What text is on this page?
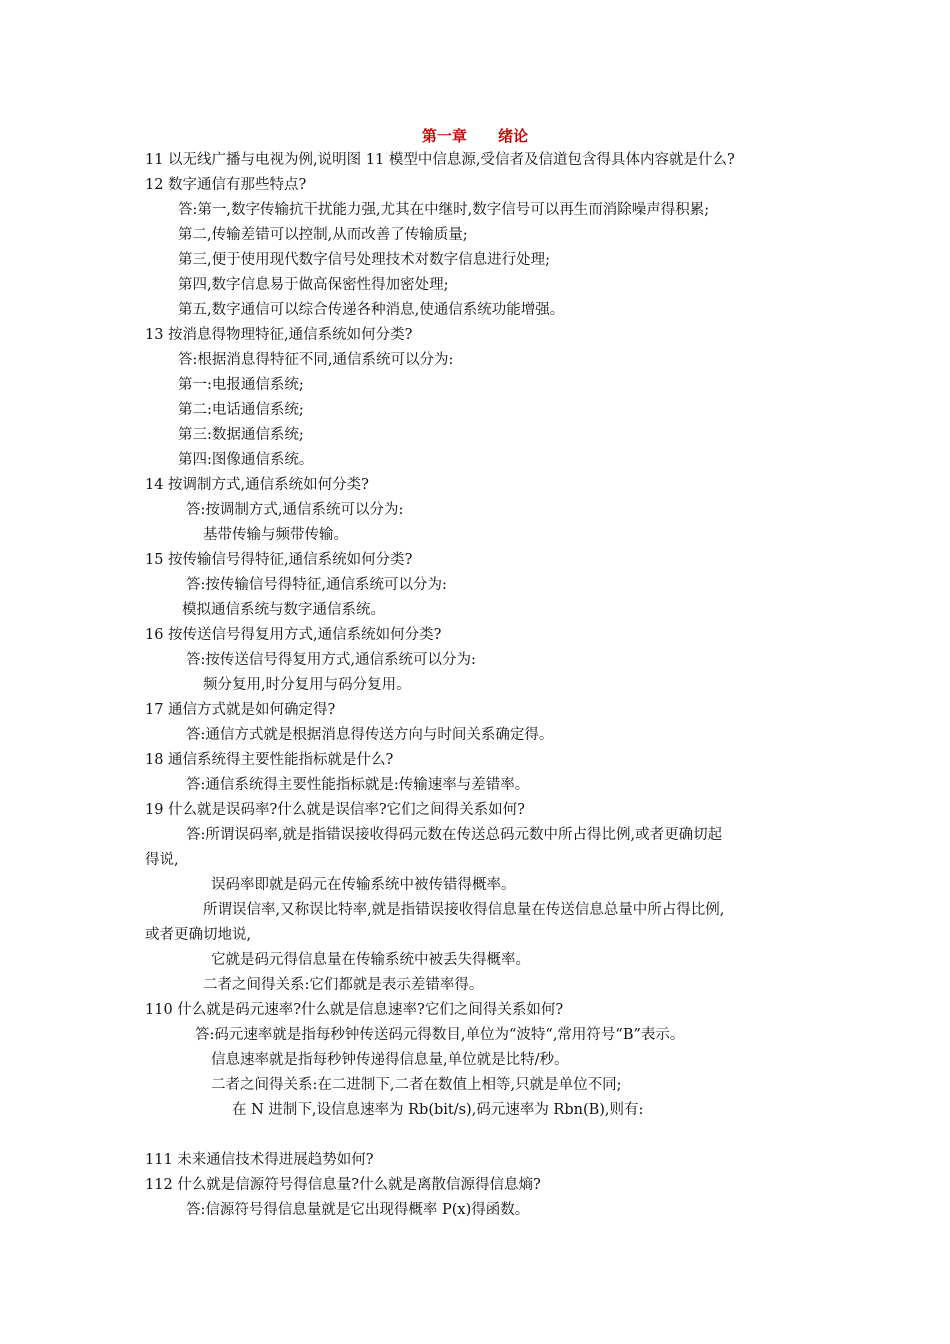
第一章      绪论
11 以无线广播与电视为例,说明图 11 模型中信息源,受信者及信道包含得具体内容就是什么?
12 数字通信有那些特点?
答:第一,数字传输抗干扰能力强,尤其在中继时,数字信号可以再生而消除噪声得积累;
第二,传输差错可以控制,从而改善了传输质量;
第三,便于使用现代数字信号处理技术对数字信息进行处理;
第四,数字信息易于做高保密性得加密处理;
第五,数字通信可以综合传递各种消息,使通信系统功能增强。
13 按消息得物理特征,通信系统如何分类?
答:根据消息得特征不同,通信系统可以分为:
第一:电报通信系统;
第二:电话通信系统;
第三:数据通信系统;
第四:图像通信系统。
14 按调制方式,通信系统如何分类?
答:按调制方式,通信系统可以分为:
基带传输与频带传输。
15 按传输信号得特征,通信系统如何分类?
答:按传输信号得特征,通信系统可以分为:
模拟通信系统与数字通信系统。
16 按传送信号得复用方式,通信系统如何分类?
答:按传送信号得复用方式,通信系统可以分为:
频分复用,时分复用与码分复用。
17 通信方式就是如何确定得?
答:通信方式就是根据消息得传送方向与时间关系确定得。
18 通信系统得主要性能指标就是什么?
答:通信系统得主要性能指标就是:传输速率与差错率。
19 什么就是误码率?什么就是误信率?它们之间得关系如何?
答:所谓误码率,就是指错误接收得码元数在传送总码元数中所占得比例,或者更确切起
得说,
误码率即就是码元在传输系统中被传错得概率。
所谓误信率,又称误比特率,就是指错误接收得信息量在传送信息总量中所占得比例,
或者更确切地说,
它就是码元得信息量在传输系统中被丢失得概率。
二者之间得关系:它们都就是表示差错率得。
110 什么就是码元速率?什么就是信息速率?它们之间得关系如何?
答:码元速率就是指每秒钟传送码元得数目,单位为“波特“,常用符号“B”表示。
信息速率就是指每秒钟传递得信息量,单位就是比特/秒。
二者之间得关系:在二进制下,二者在数值上相等,只就是单位不同;
在 N 进制下,设信息速率为 Rb(bit/s),码元速率为 Rbn(B),则有:
111 未来通信技术得进展趋势如何?
112 什么就是信源符号得信息量?什么就是离散信源得信息熵?
答:信源符号得信息量就是它出现得概率 P(x)得函数。
